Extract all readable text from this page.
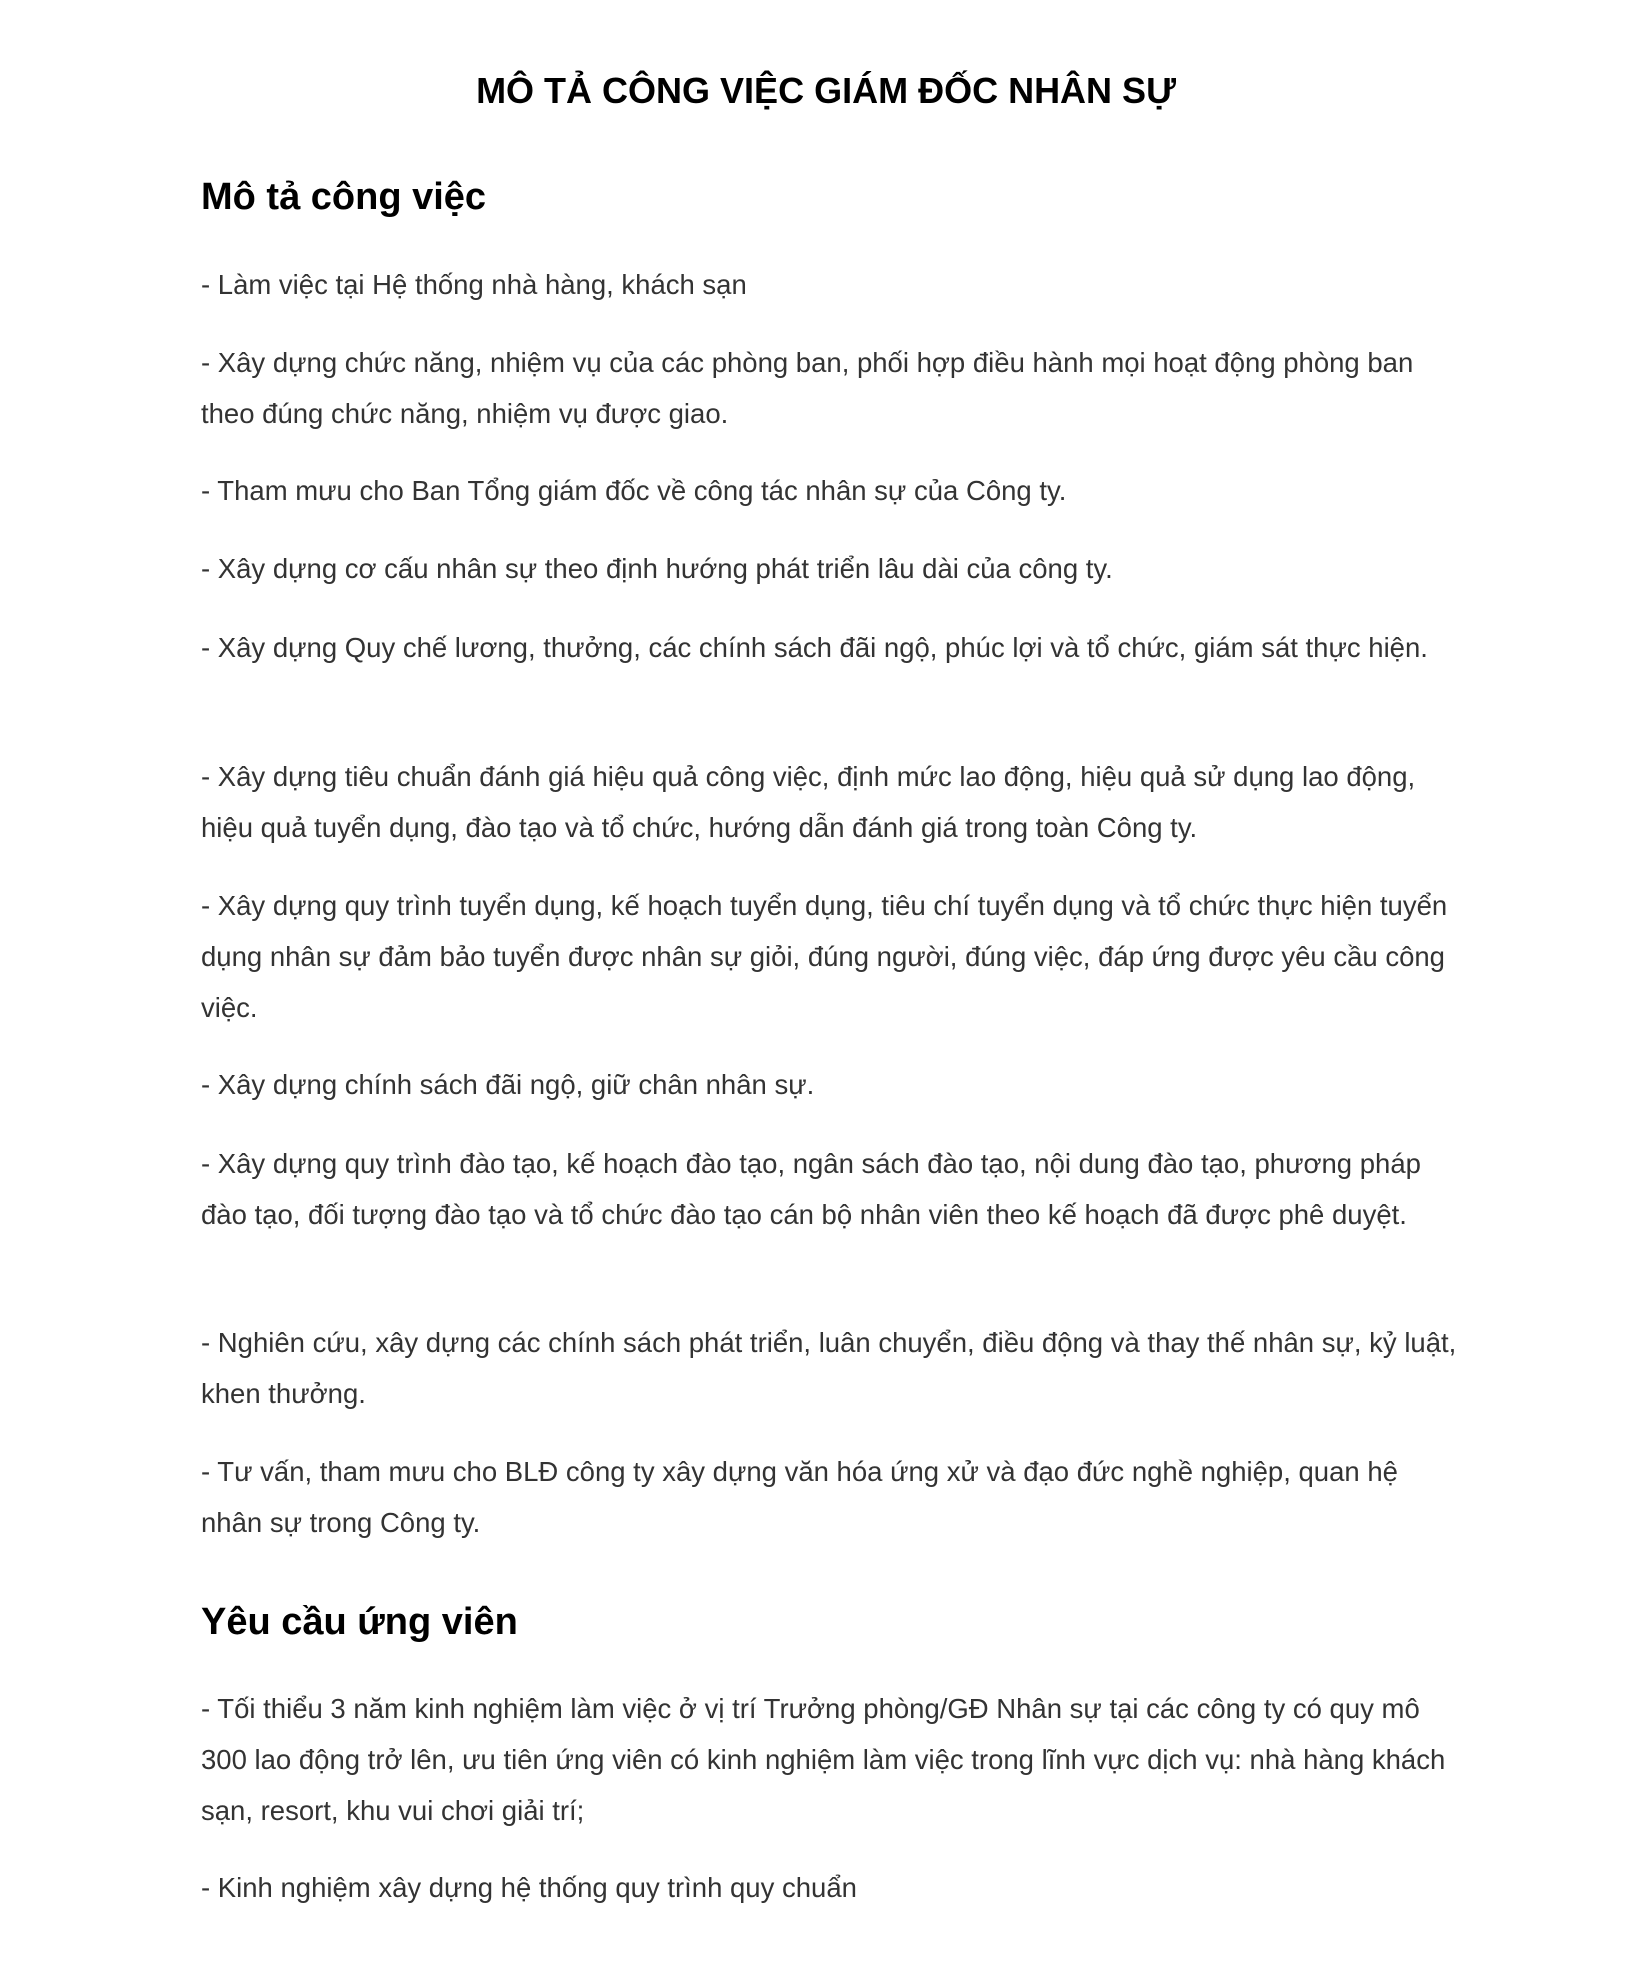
MÔ TẢ CÔNG VIỆC GIÁM ĐỐC NHÂN SỰ
Mô tả công việc

- Làm việc tại Hệ thống nhà hàng, khách sạn

- Xây dựng chức năng, nhiệm vụ của các phòng ban, phối hợp điều hành mọi hoạt động phòng ban theo đúng chức năng, nhiệm vụ được giao.

- Tham mưu cho Ban Tổng giám đốc về công tác nhân sự của Công ty.

- Xây dựng cơ cấu nhân sự theo định hướng phát triển lâu dài của công ty.

- Xây dựng Quy chế lương, thưởng, các chính sách đãi ngộ, phúc lợi và tổ chức, giám sát thực hiện.

- Xây dựng tiêu chuẩn đánh giá hiệu quả công việc, định mức lao động, hiệu quả sử dụng lao động, hiệu quả tuyển dụng, đào tạo và tổ chức, hướng dẫn đánh giá trong toàn Công ty.

- Xây dựng quy trình tuyển dụng, kế hoạch tuyển dụng, tiêu chí tuyển dụng và tổ chức thực hiện tuyển dụng nhân sự đảm bảo tuyển được nhân sự giỏi, đúng người, đúng việc, đáp ứng được yêu cầu công việc.

- Xây dựng chính sách đãi ngộ, giữ chân nhân sự.

- Xây dựng quy trình đào tạo, kế hoạch đào tạo, ngân sách đào tạo, nội dung đào tạo, phương pháp đào tạo, đối tượng đào tạo và tổ chức đào tạo cán bộ nhân viên theo kế hoạch đã được phê duyệt.

- Nghiên cứu, xây dựng các chính sách phát triển, luân chuyển, điều động và thay thế nhân sự, kỷ luật, khen thưởng.

- Tư vấn, tham mưu cho BLĐ công ty xây dựng văn hóa ứng xử và đạo đức nghề nghiệp, quan hệ nhân sự trong Công ty.

Yêu cầu ứng viên

- Tối thiểu 3 năm kinh nghiệm làm việc ở vị trí Trưởng phòng/GĐ Nhân sự tại các công ty có quy mô 300 lao động trở lên, ưu tiên ứng viên có kinh nghiệm làm việc trong lĩnh vực dịch vụ: nhà hàng khách sạn, resort, khu vui chơi giải trí;

- Kinh nghiệm xây dựng hệ thống quy trình quy chuẩn
